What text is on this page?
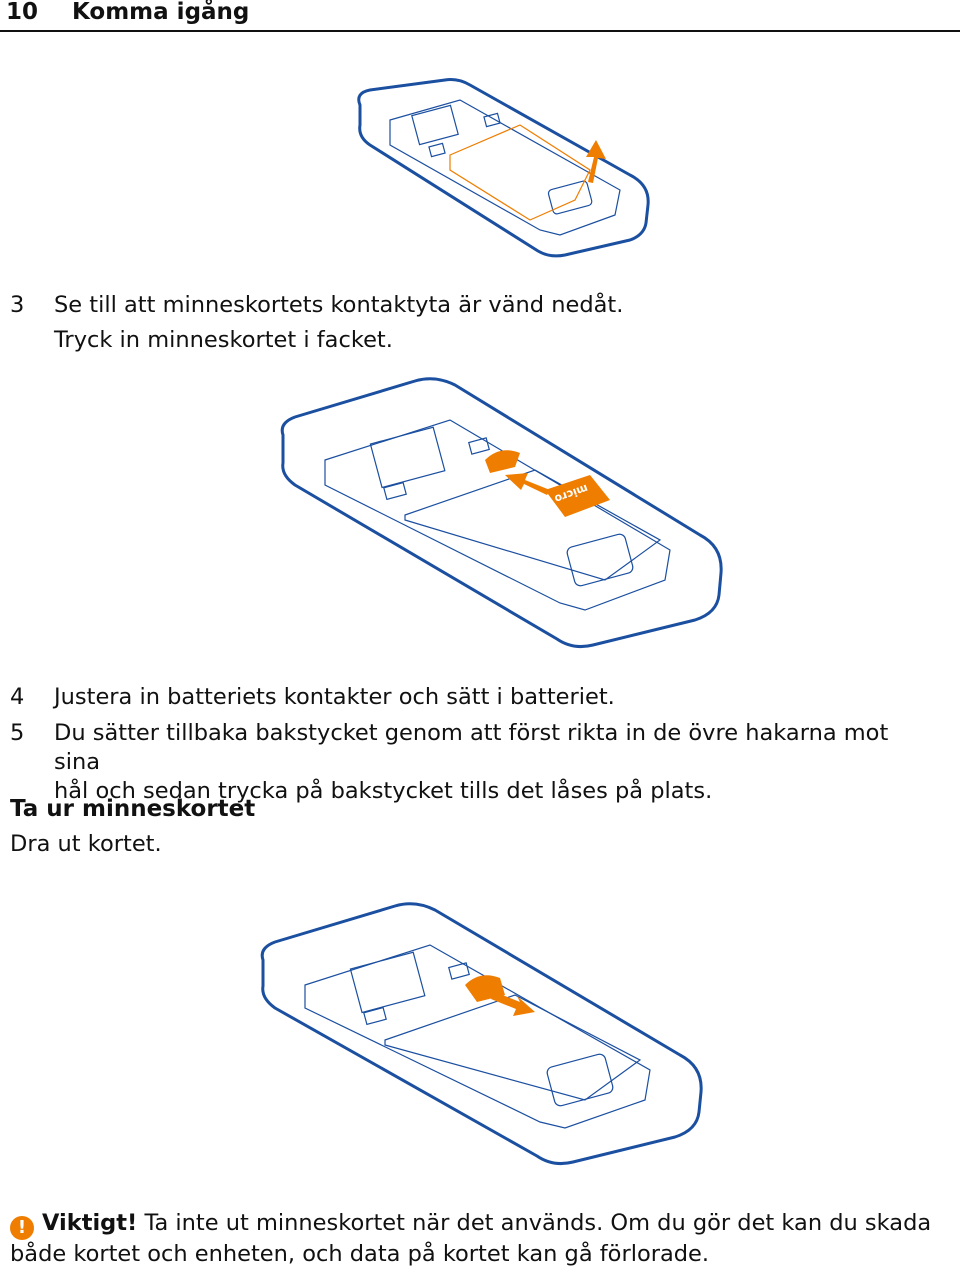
10 Komma igång
3	Se till att minneskortets kontaktyta är vänd nedåt.
Tryck in minneskortet i facket.
micro
4	Justera in batteriets kontakter och sätt i batteriet.
5	Du sätter tillbaka bakstycket genom att först rikta in de övre hakarna mot sina
hål och sedan trycka på bakstycket tills det låses på plats.
Ta ur minneskortet
Dra ut kortet.
! Viktigt! Ta inte ut minneskortet när det används. Om du gör det kan du skada både kortet och enheten, och data på kortet kan gå förlorade.
